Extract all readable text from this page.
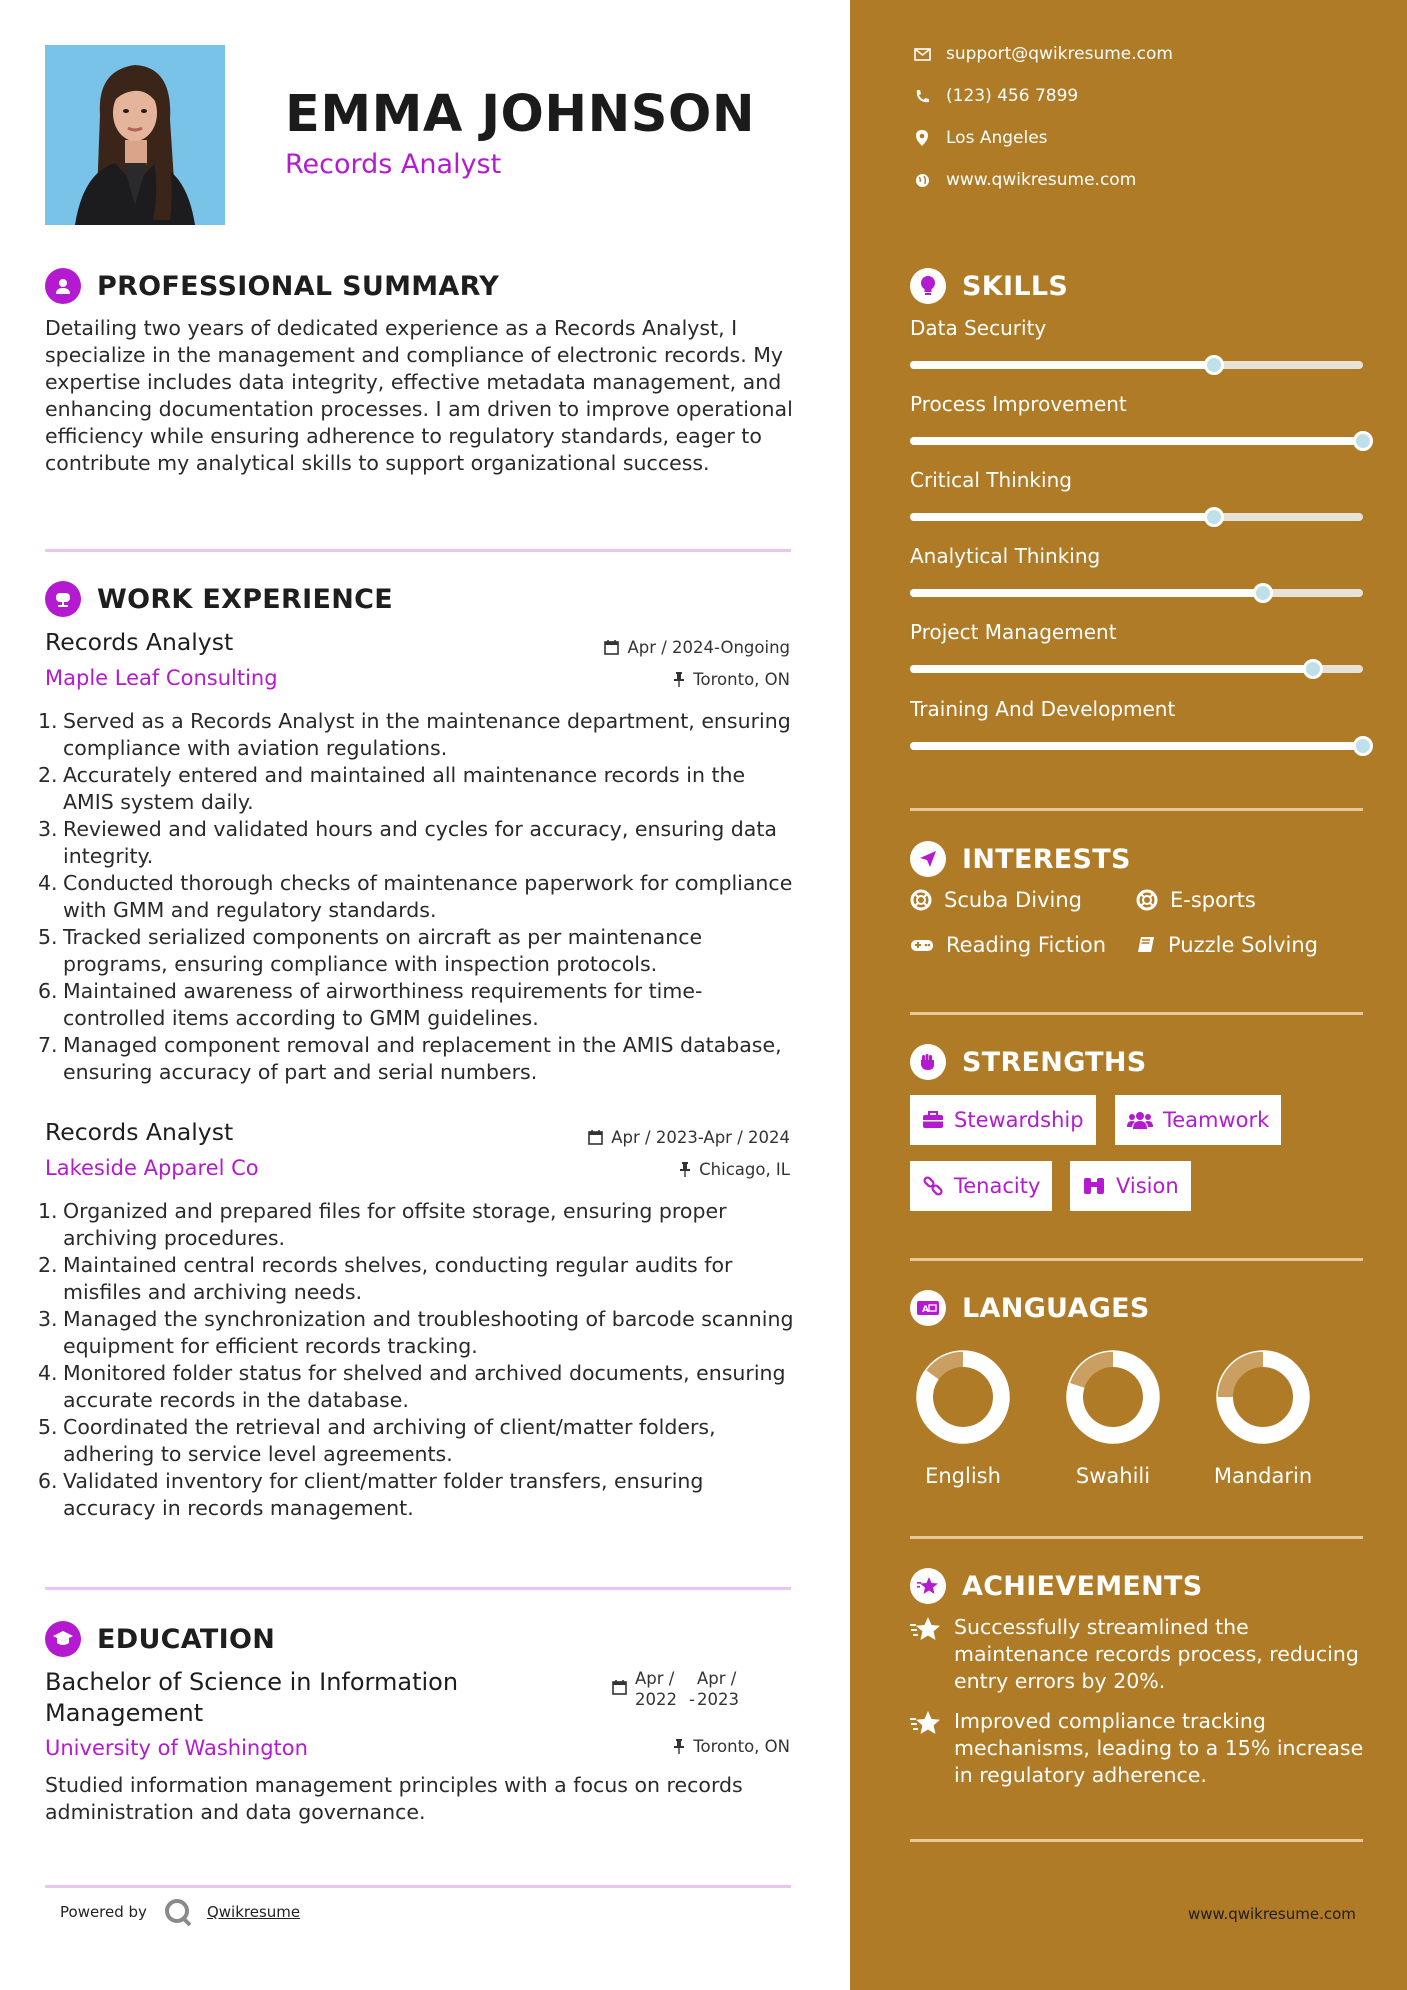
EMMA JOHNSON
Records Analyst
PROFESSIONAL SUMMARY
Detailing two years of dedicated experience as a Records Analyst, I specialize in the management and compliance of electronic records. My expertise includes data integrity, effective metadata management, and enhancing documentation processes. I am driven to improve operational efficiency while ensuring adherence to regulatory standards, eager to contribute my analytical skills to support organizational success.
WORK EXPERIENCE
Records Analyst	Apr / 2024-Ongoing
Maple Leaf Consulting	Toronto, ON
1. Served as a Records Analyst in the maintenance department, ensuring compliance with aviation regulations.
2. Accurately entered and maintained all maintenance records in the AMIS system daily.
3. Reviewed and validated hours and cycles for accuracy, ensuring data integrity.
4. Conducted thorough checks of maintenance paperwork for compliance with GMM and regulatory standards.
5. Tracked serialized components on aircraft as per maintenance programs, ensuring compliance with inspection protocols.
6. Maintained awareness of airworthiness requirements for time-controlled items according to GMM guidelines.
7. Managed component removal and replacement in the AMIS database, ensuring accuracy of part and serial numbers.
Records Analyst	Apr / 2023-Apr / 2024
Lakeside Apparel Co	Chicago, IL
1. Organized and prepared files for offsite storage, ensuring proper archiving procedures.
2. Maintained central records shelves, conducting regular audits for misfiles and archiving needs.
3. Managed the synchronization and troubleshooting of barcode scanning equipment for efficient records tracking.
4. Monitored folder status for shelved and archived documents, ensuring accurate records in the database.
5. Coordinated the retrieval and archiving of client/matter folders, adhering to service level agreements.
6. Validated inventory for client/matter folder transfers, ensuring accuracy in records management.
EDUCATION
Bachelor of Science in Information Management
Apr /
2022
-
Apr /
2023
University of Washington	Toronto, ON
Studied information management principles with a focus on records administration and data governance.
Powered by	Qwikresume
support@qwikresume.com
(123) 456 7899
Los Angeles
www.qwikresume.com
SKILLS
Data Security
Process Improvement
Critical Thinking
Analytical Thinking
Project Management
Training And Development
INTERESTS
Scuba Diving	E-sports
Reading Fiction	Puzzle Solving
STRENGTHS
Stewardship	Teamwork
Tenacity	Vision
A LANGUAGES
English	Swahili	Mandarin
ACHIEVEMENTS
Successfully streamlined the maintenance records process, reducing entry errors by 20%.
Improved compliance tracking mechanisms, leading to a 15% increase in regulatory adherence.
www.qwikresume.com
